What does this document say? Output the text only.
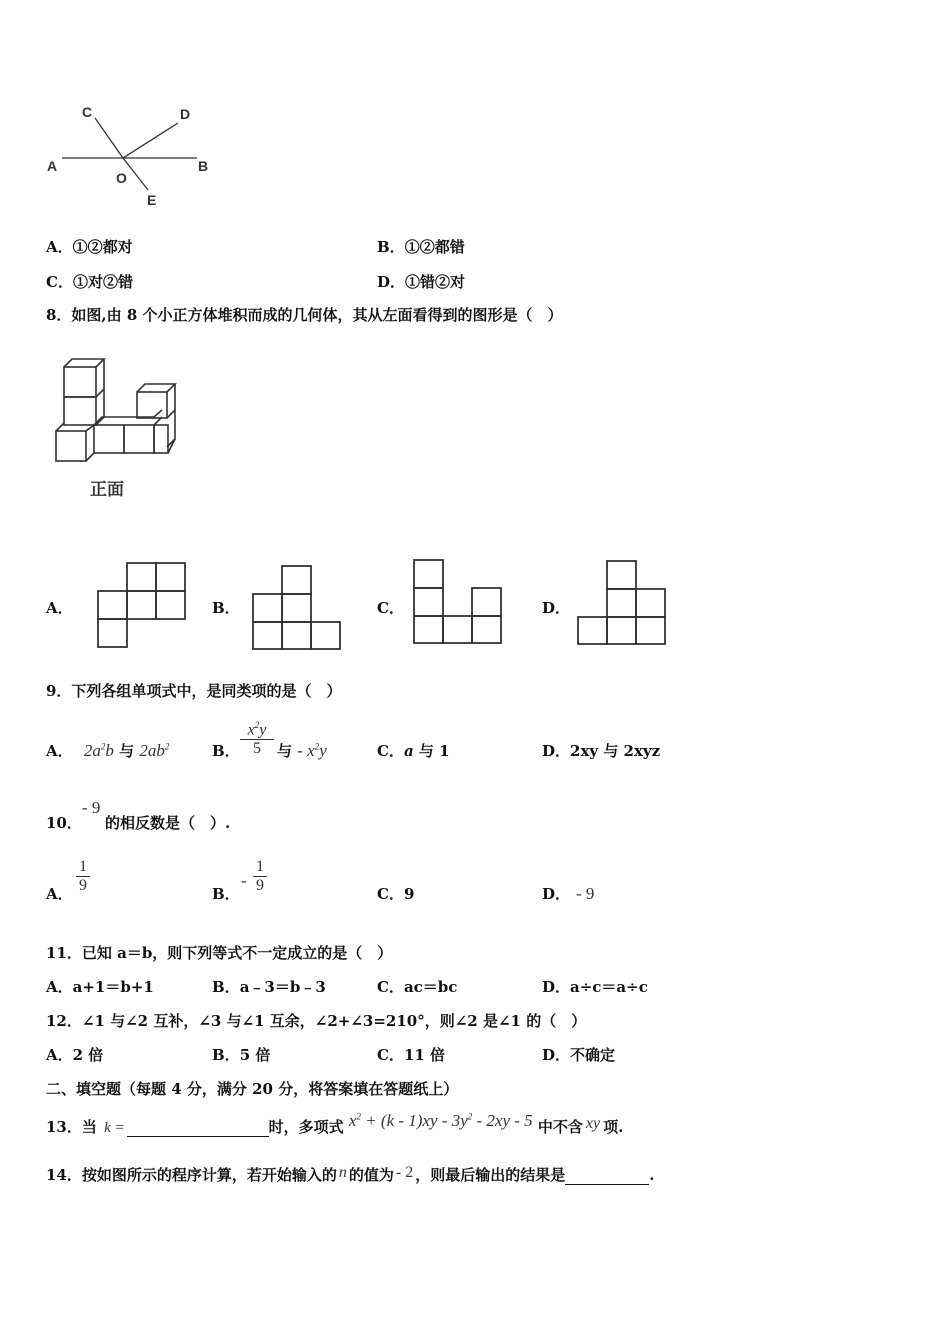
A
C	D
O
B
E
A．①②都对	B．①②都错
C．①对②错	D．①错②对
8．如图,由 8 个小正方体堆积而成的几何体，其从左面看得到的图形是（　）
正面
A．	B．	C．	D．
9．下列各组单项式中，是同类项的是（　）
A． $2a^2b$ 与 $2ab^2$	B．
$x^2y$
5	与 - $x^2y$	C．a 与 1	D．2xy 与 2xyz
10．
- 9
的相反数是（　）.
A．
1
9	B．
-
1
9	C．9	D． - 9
11．已知 a＝b，则下列等式不一定成立的是（　）
A．a+1＝b+1	B．a﹣3＝b﹣3	C．ac＝bc	D．a÷c＝a÷c
12．∠1 与∠2 互补，∠3 与∠1 互余，∠2+∠3=210°，则∠2 是∠1 的（　）
A．2 倍	B．5 倍	C．11 倍	D．不确定
二、填空题（每题 4 分，满分 20 分，将答案填在答题纸上）
13．当 k =	时，多项式 $x^2 + (k - 1)xy - 3y^2 - 2xy - 5$ 中不含 xy 项.
14．按如图所示的程序计算，若开始输入的 n 的值为 - 2 ，则最后输出的结果是	.
